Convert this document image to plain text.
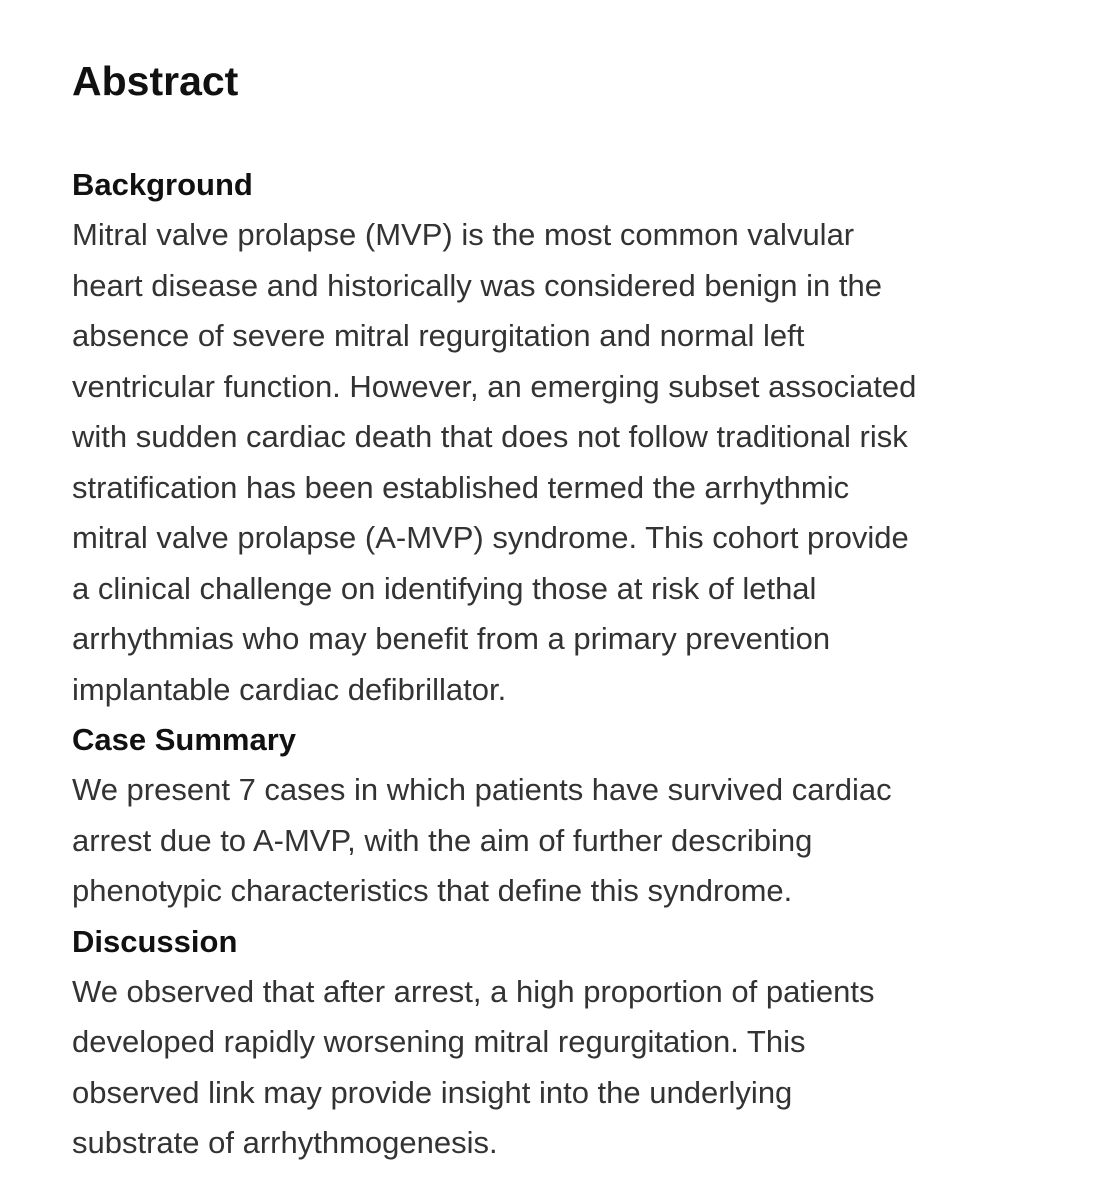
Abstract
Background

Mitral valve prolapse (MVP) is the most common valvular
heart disease and historically was considered benign in the
absence of severe mitral regurgitation and normal left
ventricular function. However, an emerging subset associated
with sudden cardiac death that does not follow traditional risk
stratification has been established termed the arrhythmic
mitral valve prolapse (A-MVP) syndrome. This cohort provide
a clinical challenge on identifying those at risk of lethal
arrhythmias who may benefit from a primary prevention
implantable cardiac defibrillator.

Case Summary

We present 7 cases in which patients have survived cardiac
arrest due to A-MVP, with the aim of further describing
phenotypic characteristics that define this syndrome.

Discussion

We observed that after arrest, a high proportion of patients
developed rapidly worsening mitral regurgitation. This
observed link may provide insight into the underlying
substrate of arrhythmogenesis.
